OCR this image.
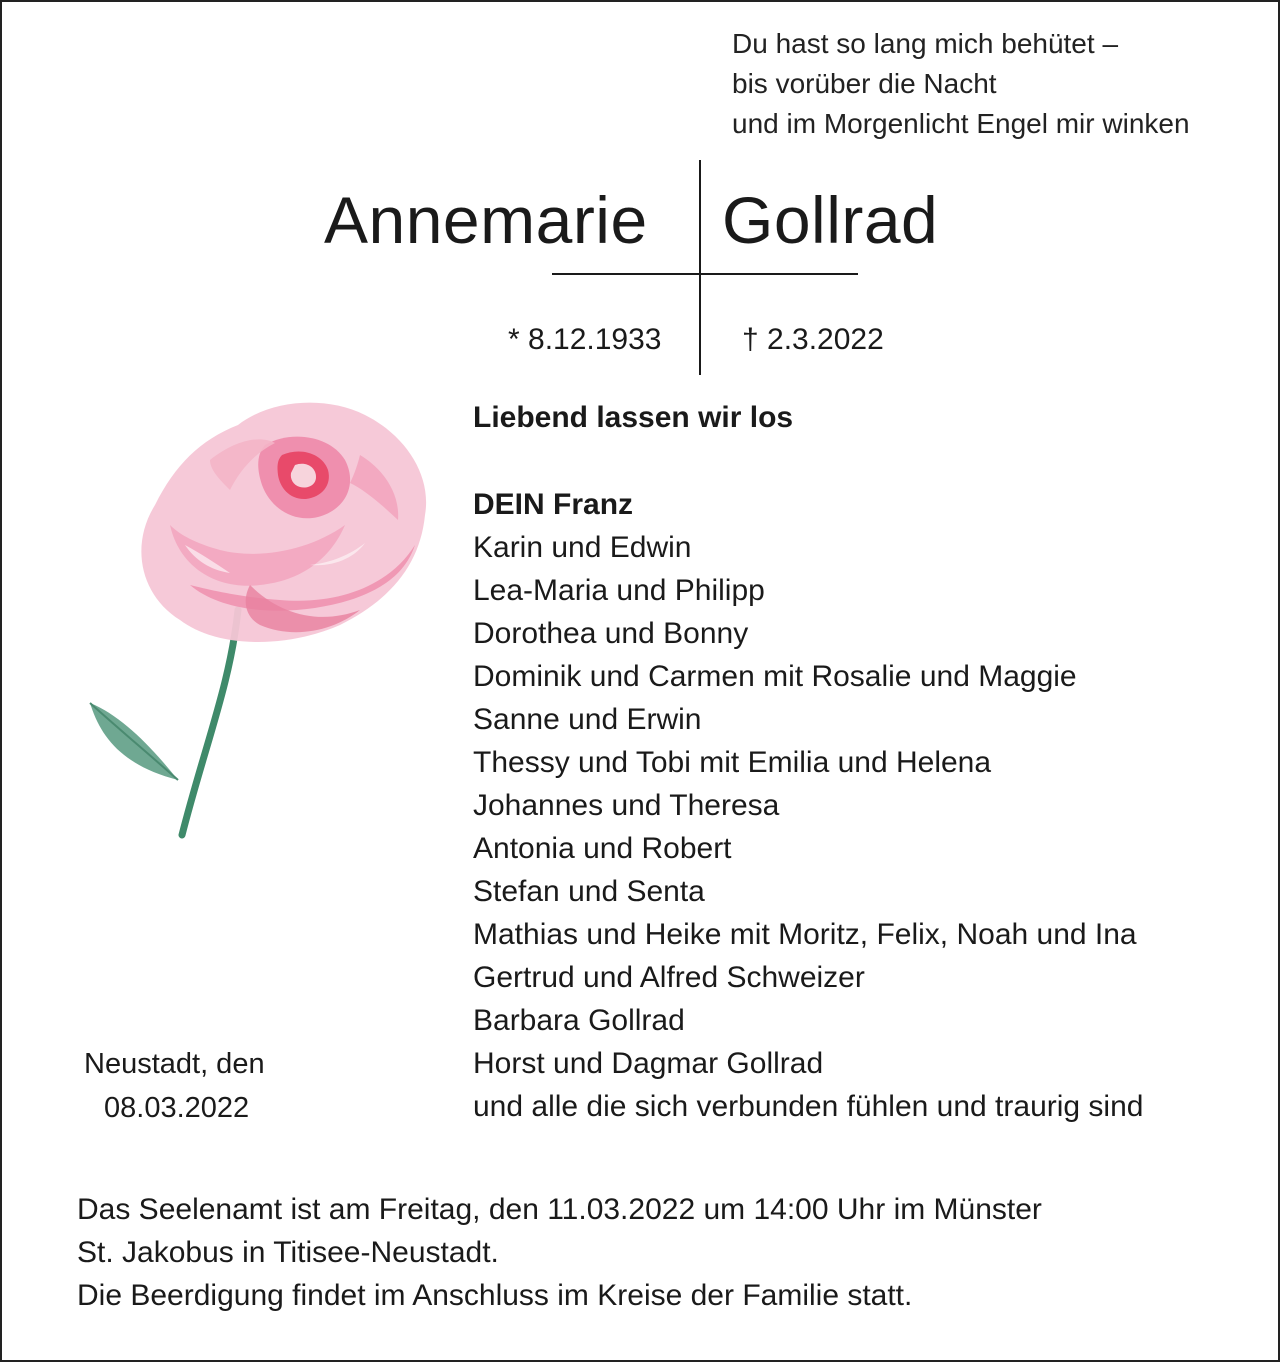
Du hast so lang mich behütet –
bis vorüber die Nacht
und im Morgenlicht Engel mir winken
Annemarie Gollrad
* 8.12.1933	† 2.3.2022
Liebend lassen wir los
DEIN Franz
Karin und Edwin
Lea-Maria und Philipp
Dorothea und Bonny
Dominik und Carmen mit Rosalie und Maggie
Sanne und Erwin
Thessy und Tobi mit Emilia und Helena
Johannes und Theresa
Antonia und Robert
Stefan und Senta
Mathias und Heike mit Moritz, Felix, Noah und Ina
Gertrud und Alfred Schweizer
Barbara Gollrad
Horst und Dagmar Gollrad
und alle die sich verbunden fühlen und traurig sind
Neustadt, den
08.03.2022
Das Seelenamt ist am Freitag, den 11.03.2022 um 14:00 Uhr im Münster
St. Jakobus in Titisee-Neustadt.
Die Beerdigung findet im Anschluss im Kreise der Familie statt.
